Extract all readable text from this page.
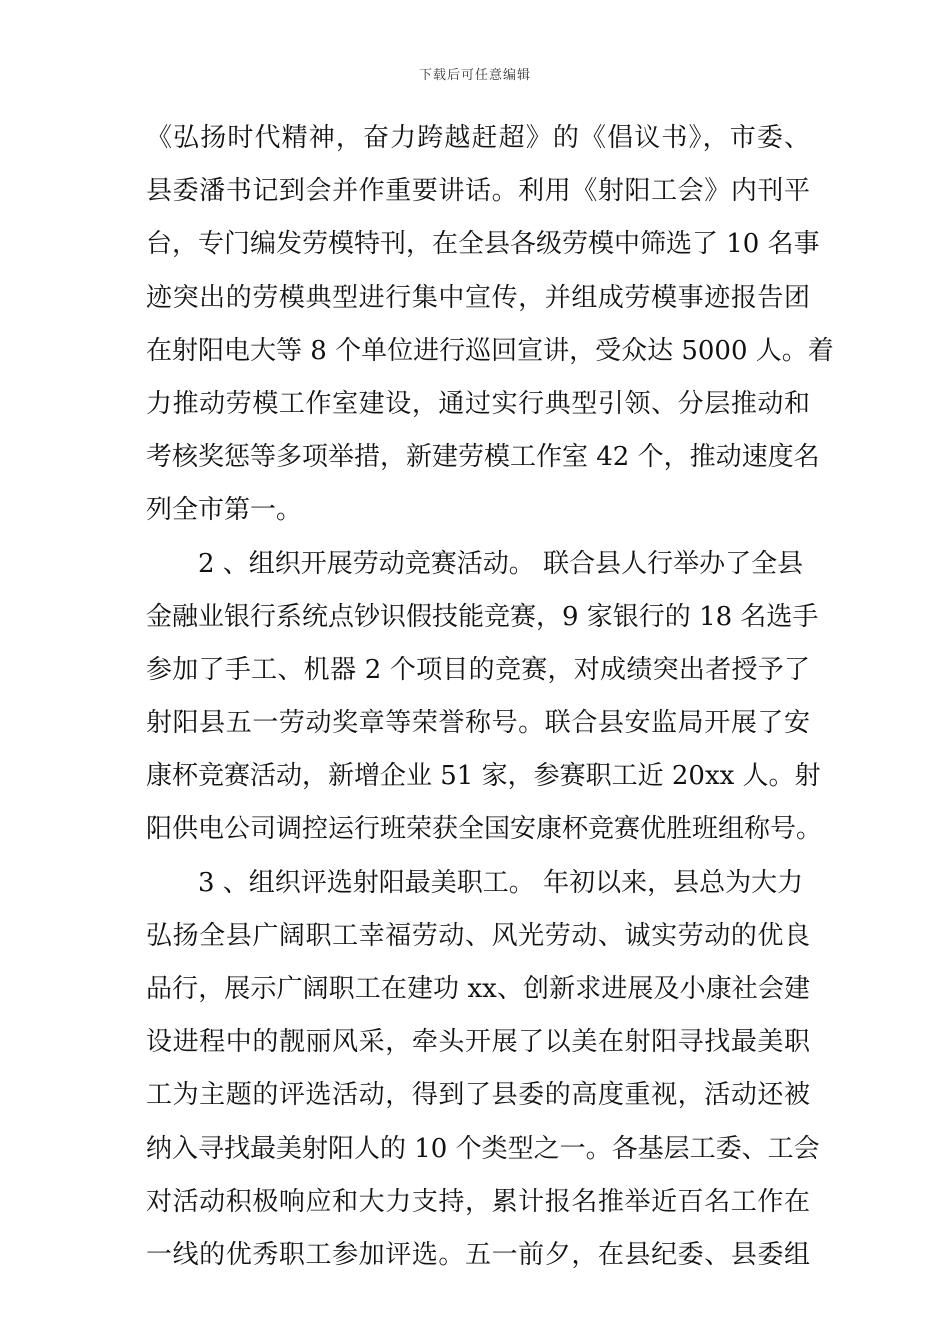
下载后可任意编辑
《弘扬时代精神，奋力跨越赶超》的《倡议书》，市委、
县委潘书记到会并作重要讲话。利用《射阳工会》内刊平
台，专门编发劳模特刊，在全县各级劳模中筛选了 10 名事
迹突出的劳模典型进行集中宣传，并组成劳模事迹报告团
在射阳电大等 8 个单位进行巡回宣讲，受众达 5000 人。着
力推动劳模工作室建设，通过实行典型引领、分层推动和
考核奖惩等多项举措，新建劳模工作室 42 个，推动速度名
列全市第一。
2 、组织开展劳动竞赛活动。 联合县人行举办了全县
金融业银行系统点钞识假技能竞赛，9 家银行的 18 名选手
参加了手工、机器 2 个项目的竞赛，对成绩突出者授予了
射阳县五一劳动奖章等荣誉称号。联合县安监局开展了安
康杯竞赛活动，新增企业 51 家，参赛职工近 20xx 人。射
阳供电公司调控运行班荣获全国安康杯竞赛优胜班组称号。
3 、组织评选射阳最美职工。 年初以来，县总为大力
弘扬全县广阔职工幸福劳动、风光劳动、诚实劳动的优良
品行，展示广阔职工在建功 xx、创新求进展及小康社会建
设进程中的靓丽风采，牵头开展了以美在射阳寻找最美职
工为主题的评选活动，得到了县委的高度重视，活动还被
纳入寻找最美射阳人的 10 个类型之一。各基层工委、工会
对活动积极响应和大力支持，累计报名推举近百名工作在
一线的优秀职工参加评选。五一前夕，在县纪委、县委组
